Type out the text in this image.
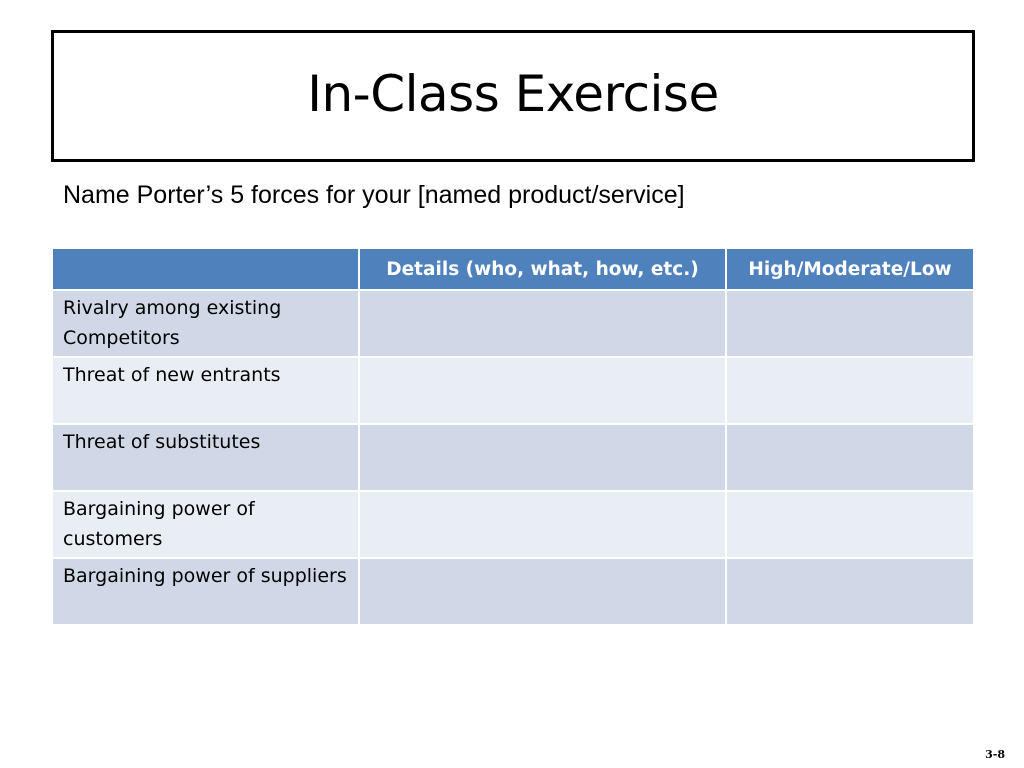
In-Class Exercise
Name Porter’s 5 forces for your [named product/service]
	Details (who, what, how, etc.)	High/Moderate/Low
Rivalry among existing Competitors		
Threat of new entrants		
Threat of substitutes		
Bargaining power of customers		
Bargaining power of suppliers		
3-8
